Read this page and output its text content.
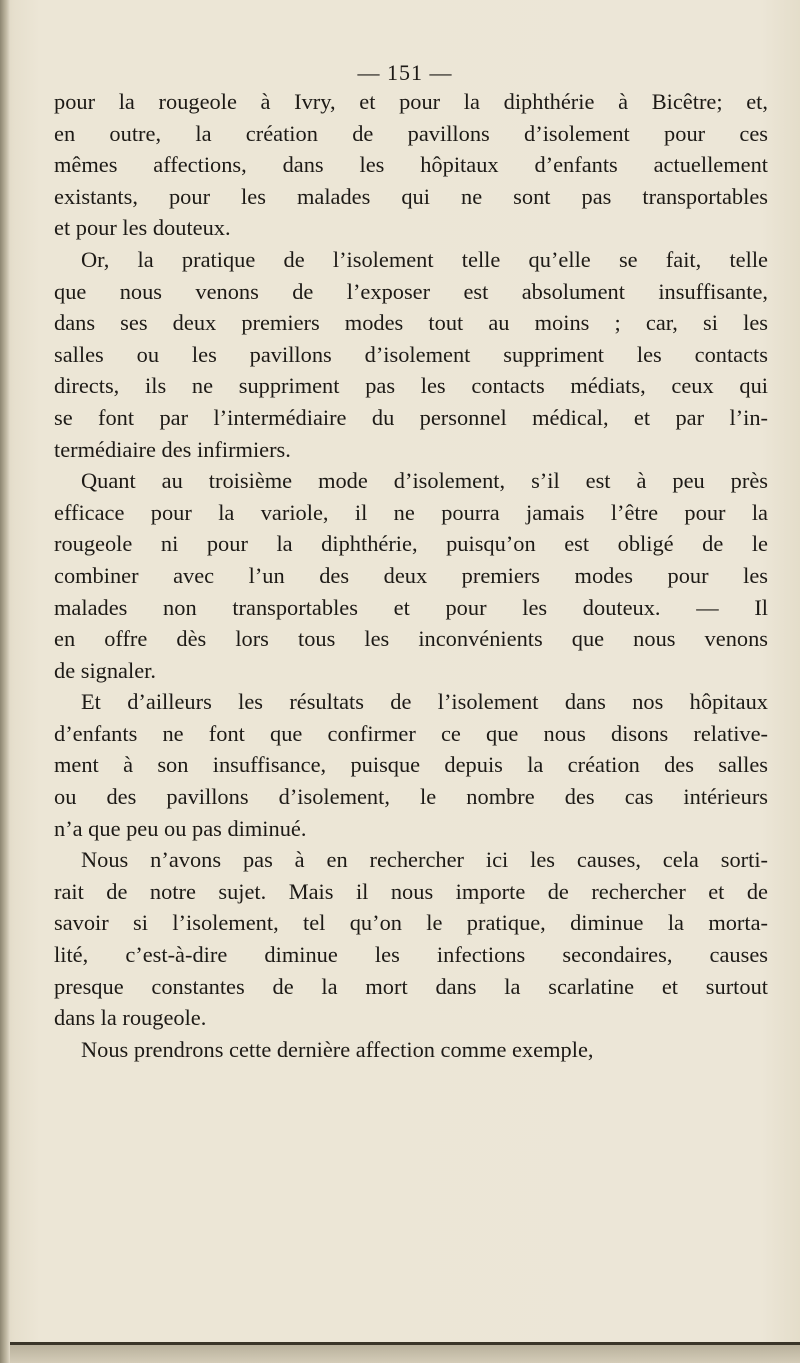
— 151 —
pour la rougeole à Ivry, et pour la diphthérie à Bicêtre; et,
en outre, la création de pavillons d’isolement pour ces
mêmes affections, dans les hôpitaux d’enfants actuellement
existants, pour les malades qui ne sont pas transportables
et pour les douteux.
Or, la pratique de l’isolement telle qu’elle se fait, telle
que nous venons de l’exposer est absolument insuffisante,
dans ses deux premiers modes tout au moins ; car, si les
salles ou les pavillons d’isolement suppriment les contacts
directs, ils ne suppriment pas les contacts médiats, ceux qui
se font par l’intermédiaire du personnel médical, et par l’in-
termédiaire des infirmiers.
Quant au troisième mode d’isolement, s’il est à peu près
efficace pour la variole, il ne pourra jamais l’être pour la
rougeole ni pour la diphthérie, puisqu’on est obligé de le
combiner avec l’un des deux premiers modes pour les
malades non transportables et pour les douteux. — Il
en offre dès lors tous les inconvénients que nous venons
de signaler.
Et d’ailleurs les résultats de l’isolement dans nos hôpitaux
d’enfants ne font que confirmer ce que nous disons relative-
ment à son insuffisance, puisque depuis la création des salles
ou des pavillons d’isolement, le nombre des cas intérieurs
n’a que peu ou pas diminué.
Nous n’avons pas à en rechercher ici les causes, cela sorti-
rait de notre sujet. Mais il nous importe de rechercher et de
savoir si l’isolement, tel qu’on le pratique, diminue la morta-
lité, c’est-à-dire diminue les infections secondaires, causes
presque constantes de la mort dans la scarlatine et surtout
dans la rougeole.
Nous prendrons cette dernière affection comme exemple,
